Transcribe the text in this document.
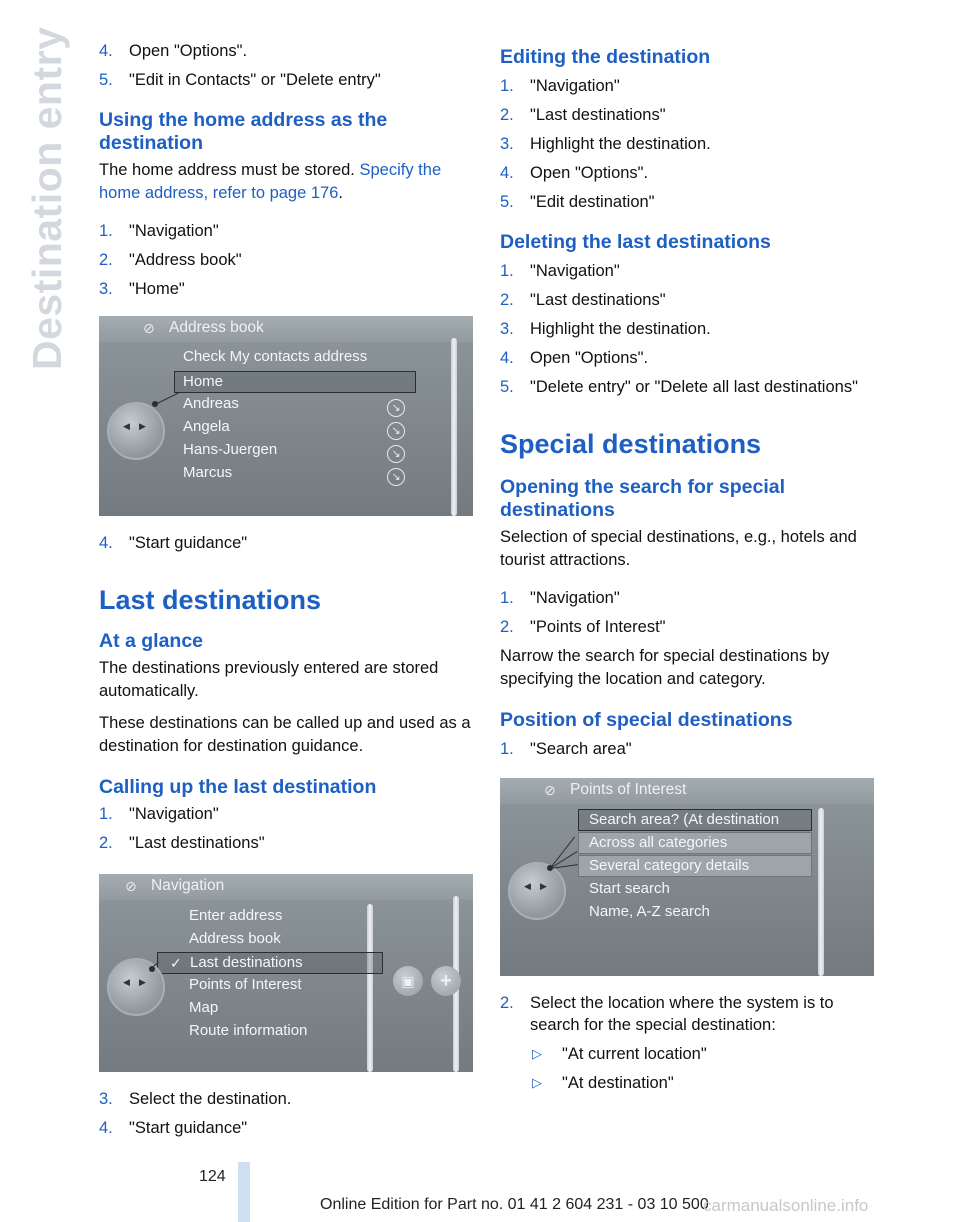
Destination entry 4. Open "Options".
5. "Edit in Contacts" or "Delete entry"
Using the home address as the destination

The home address must be stored. Specify the home address, refer to page 176.

1. "Navigation"
2. "Address book"
3. "Home"
⊘ Address book
Check My contacts address
Home
Andreas
Angela
Hans-Juergen
Marcus
↘
↘
↘
↘
◀ ▶
4. "Start guidance"
Last destinations
At a glance

The destinations previously entered are stored automatically.

These destinations can be called up and used as a destination for destination guidance.

Calling up the last destination
1. "Navigation"
2. "Last destinations"
⊘ Navigation
Enter address
Address book
✓ Last destinations
Points of Interest
Map
Route information
◀ ▶	▣	+
3. Select the destination.
4. "Start guidance"
Editing the destination
1. "Navigation"
2. "Last destinations"
3. Highlight the destination.
4. Open "Options".
5. "Edit destination"
Deleting the last destinations
1. "Navigation"
2. "Last destinations"
3. Highlight the destination.
4. Open "Options".
5. "Delete entry" or "Delete all last destinations"
Special destinations
Opening the search for special destinations

Selection of special destinations, e.g., hotels and tourist attractions.

1. "Navigation"
2. "Points of Interest"

Narrow the search for special destinations by specifying the location and category.

Position of special destinations
1. "Search area"
⊘ Points of Interest
Search area? (At destination
Across all categories
Several category details
Start search
Name, A-Z search
◀ ▶
2. Select the location where the system is to search for the special destination:
▷ "At current location"
▷ "At destination"
124
Online Edition for Part no. 01 41 2 604 231 - 03 10 500
carmanualsonline.info
